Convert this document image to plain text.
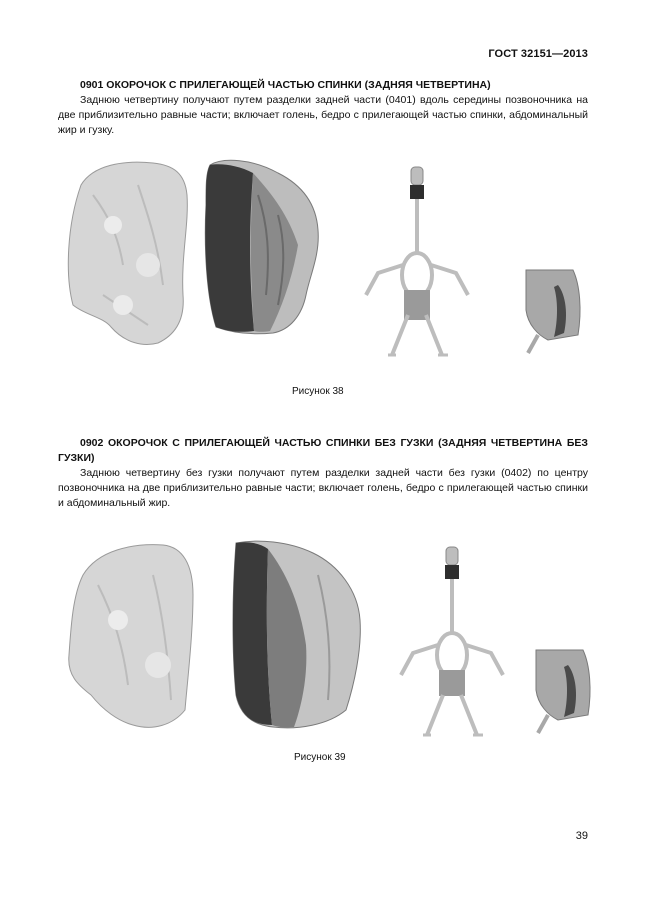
ГОСТ 32151—2013

0901 ОКОРОЧОК С ПРИЛЕГАЮЩЕЙ ЧАСТЬЮ СПИНКИ (ЗАДНЯЯ ЧЕТВЕРТИНА)

Заднюю четвертину получают путем разделки задней части (0401) вдоль середины позвоночника на две приблизительно равные части; включает голень, бедро с прилегающей частью спинки, абдоминальный жир и гузку.

Рисунок 38

0902 ОКОРОЧОК С ПРИЛЕГАЮЩЕЙ ЧАСТЬЮ СПИНКИ БЕЗ ГУЗКИ (ЗАДНЯЯ ЧЕТВЕРТИНА БЕЗ ГУЗКИ)

Заднюю четвертину без гузки получают путем разделки задней части без гузки (0402) по центру позвоночника на две приблизительно равные части; включает голень, бедро с прилегающей частью спинки и абдоминальный жир.

Рисунок 39
39
